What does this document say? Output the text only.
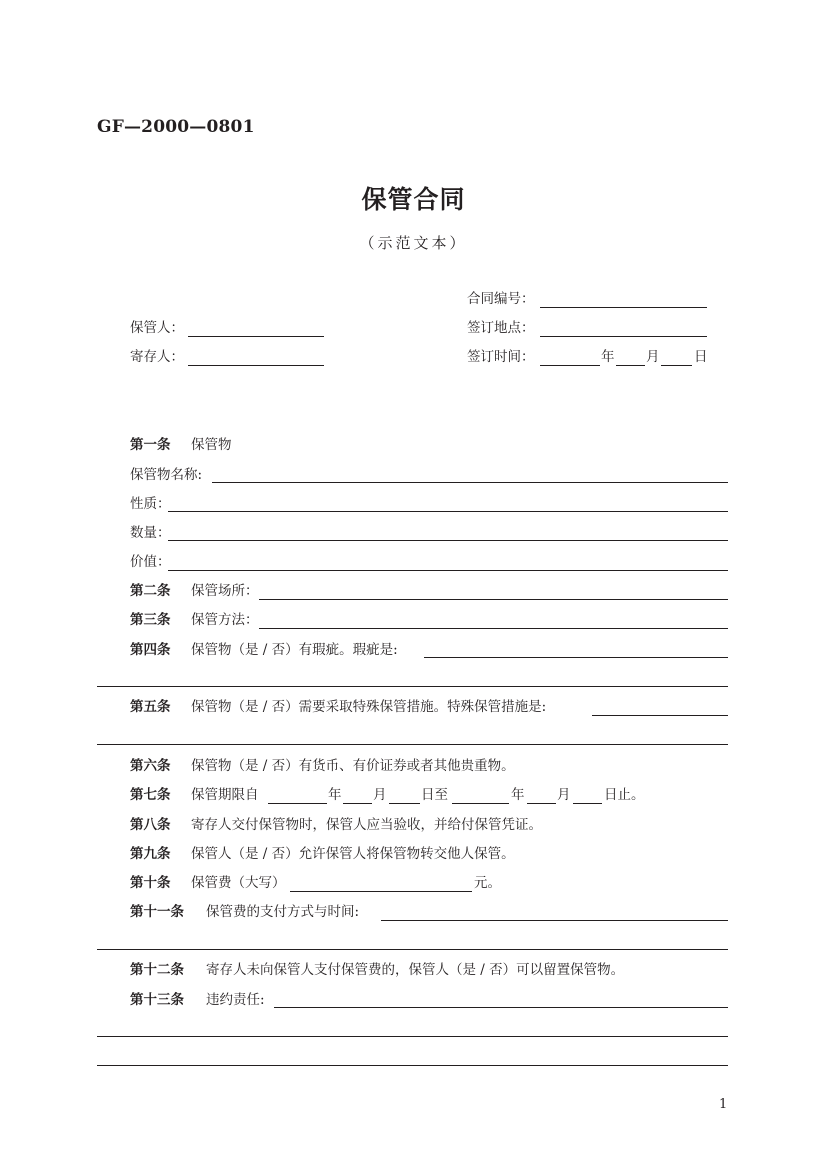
GF—2000—0801
保管合同
（示范文本）
合同编号：
保管人：	签订地点：
寄存人：	签订时间：	年 月	日
第一条 保管物
保管物名称:
性质：
数量：
价值：
第二条 保管场所：
第三条 保管方法：
第四条 保管物（是 / 否）有瑕疵。瑕疵是:
第五条 保管物（是 / 否）需要采取特殊保管措施。特殊保管措施是:
第六条 保管物（是 / 否）有货币、有价证券或者其他贵重物。
第七条 保管期限自	年 月	日至	年 月 日止。
第八条 寄存人交付保管物时，保管人应当验收，并给付保管凭证。
第九条 保管人（是 / 否）允许保管人将保管物转交他人保管。
第十条 保管费（大写）	元。
第十一条 保管费的支付方式与时间:
第十二条 寄存人未向保管人支付保管费的，保管人（是 / 否）可以留置保管物。
第十三条 违约责任:
1
